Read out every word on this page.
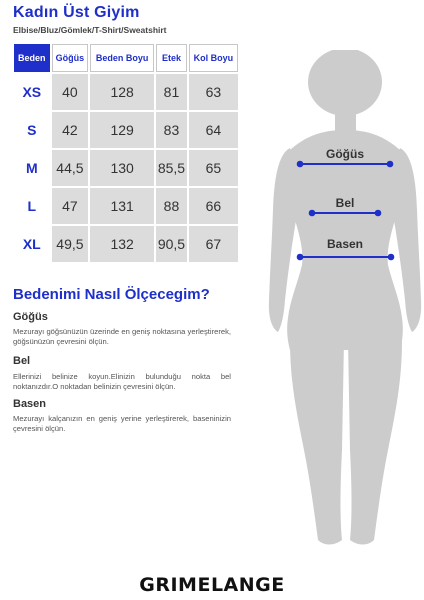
Kadın Üst Giyim
Elbise/Bluz/Gömlek/T-Shirt/Sweatshirt
Beden	Göğüs	Beden Boyu	Etek	Kol Boyu
XS	40	128	81	63
S	42	129	83	64
M	44,5	130	85,5	65
L	47	131	88	66
XL	49,5	132	90,5	67
Bedenimi Nasıl Ölçecegim?
Göğüs
Mezurayı göğsünüzün üzerinde en geniş noktasına yerleştirerek, göğsünüzün çevresini ölçün.
Bel
Ellerinizi belinize koyun.Elinizin bulunduğu nokta bel noktanızdır.O noktadan belinizin çevresini ölçün.
Basen
Mezurayı kalçanızın en geniş yerine yerleştirerek, baseninizin çevresini ölçün.
Göğüs
Bel
Basen
GRIMELANGE
